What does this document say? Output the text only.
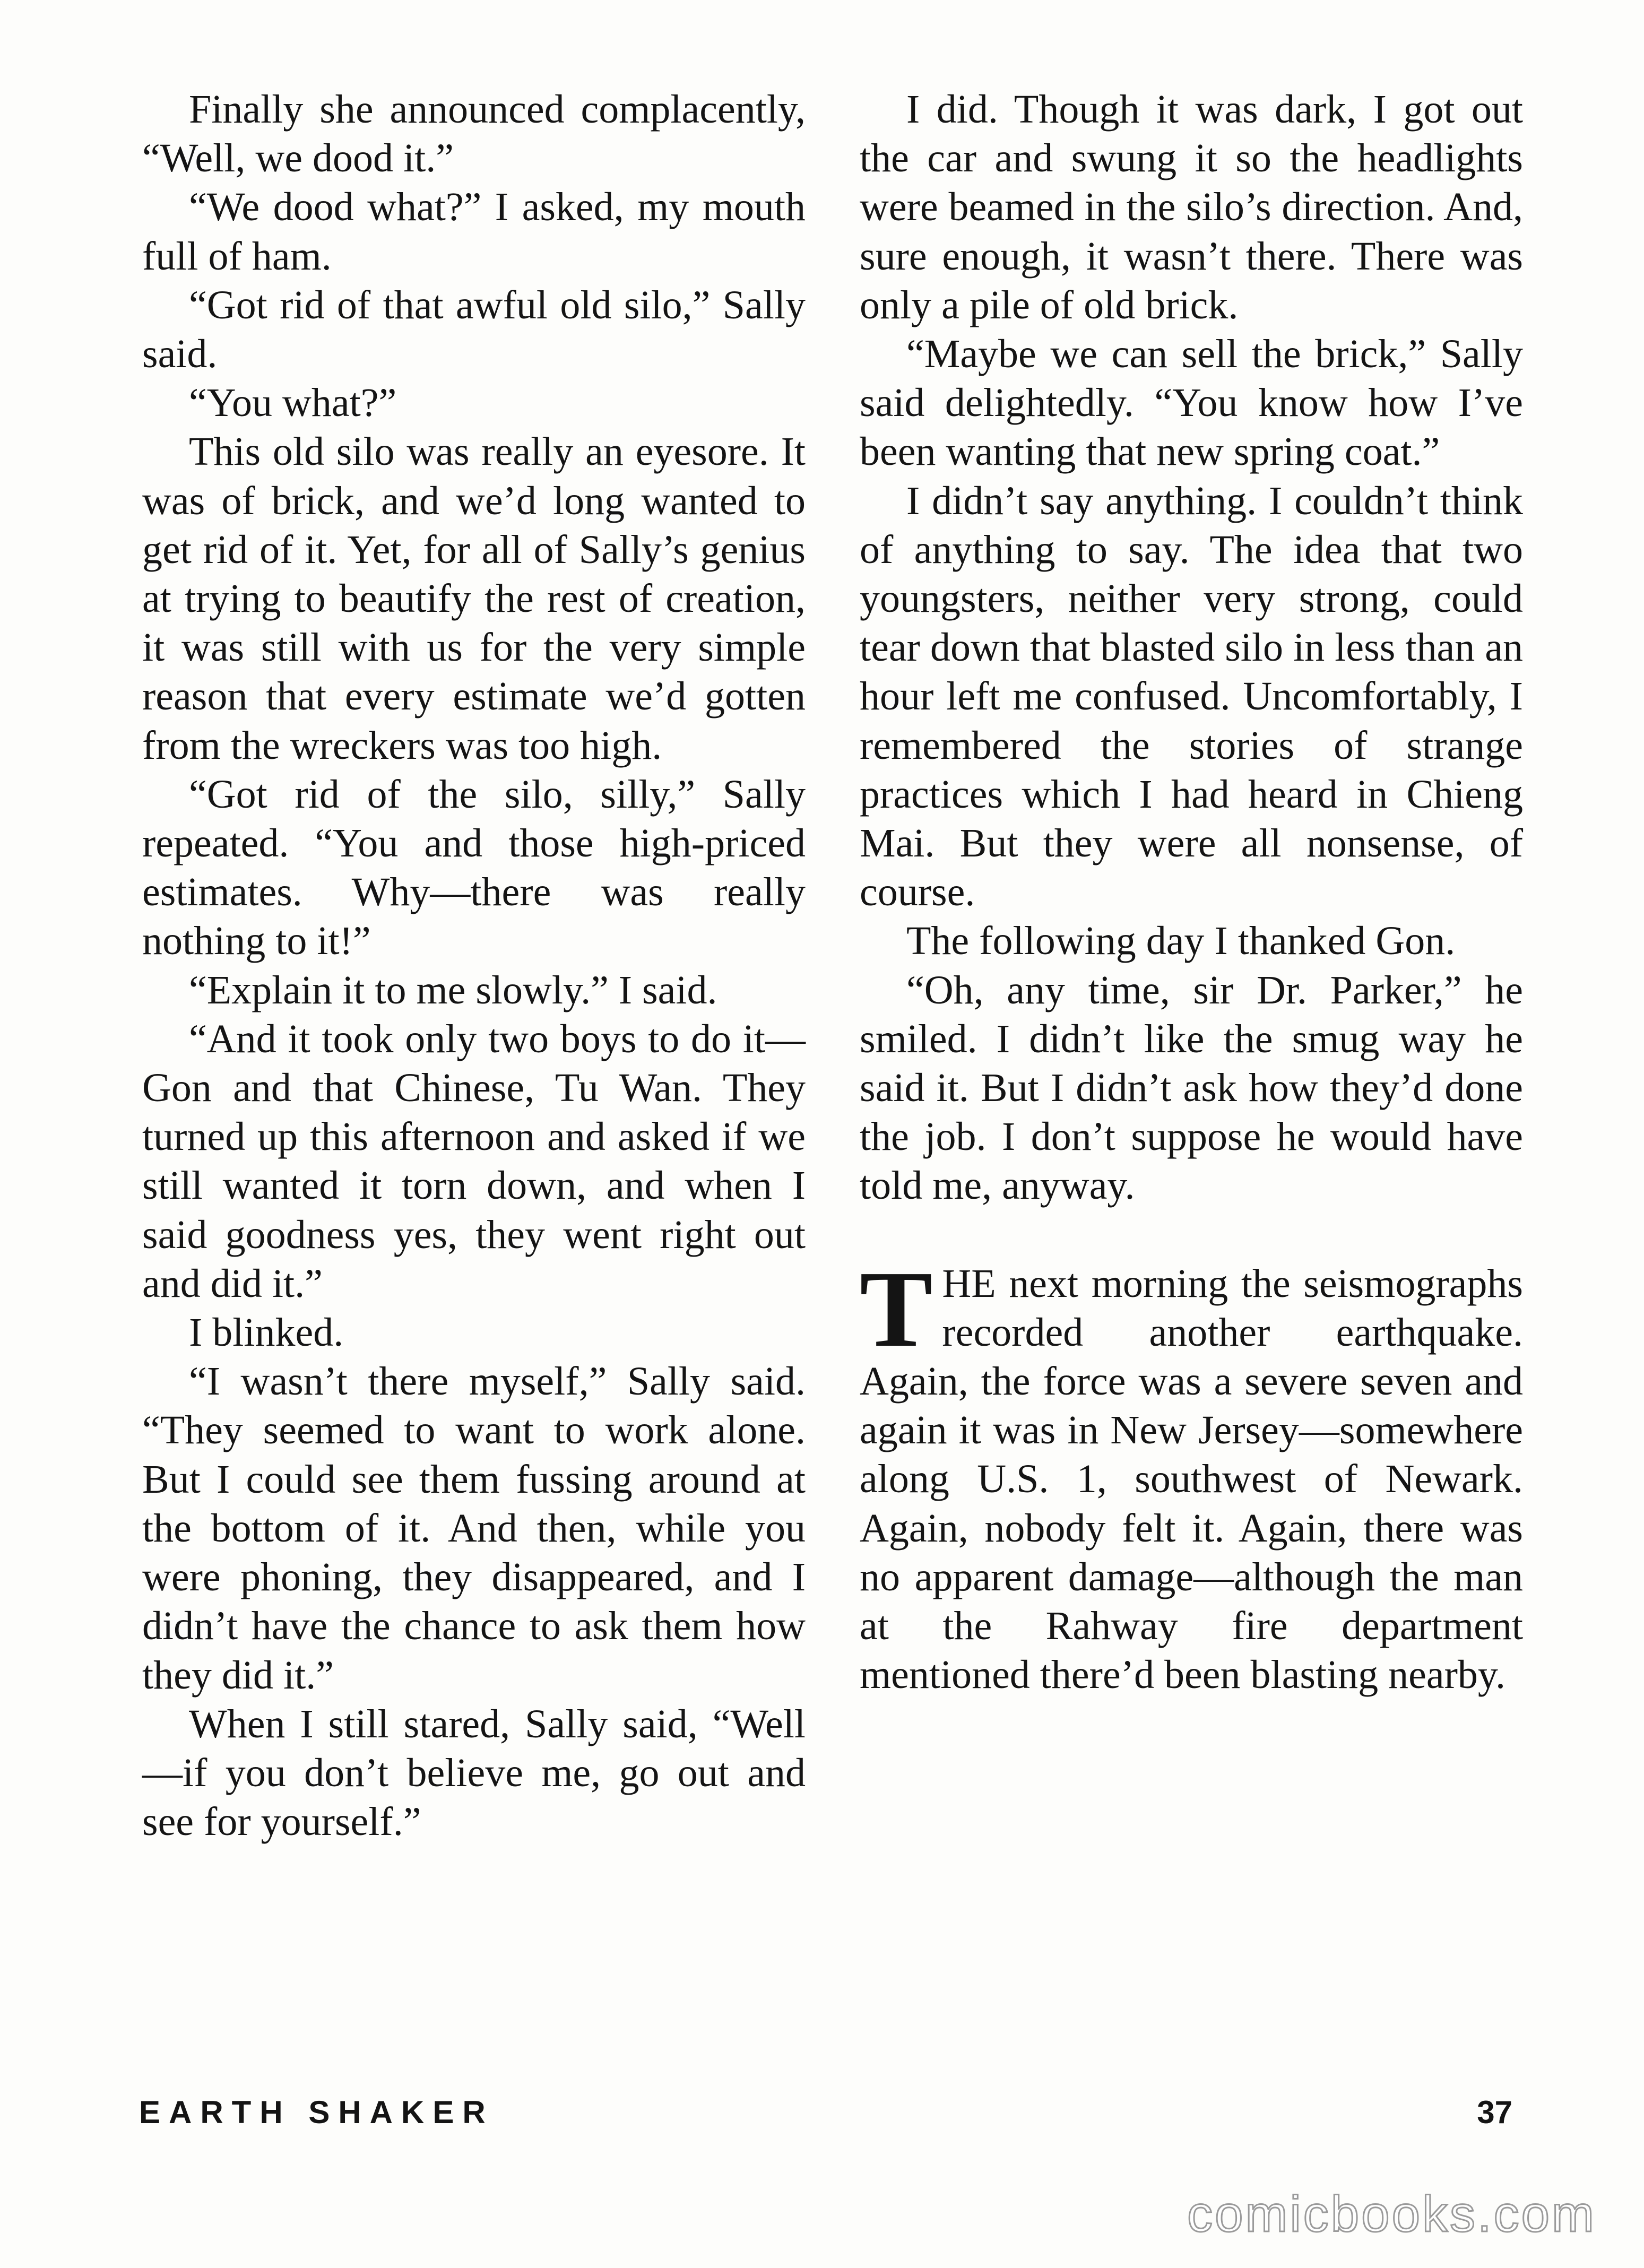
Finally she announced complacently, “Well, we dood it.”

“We dood what?” I asked, my mouth full of ham.

“Got rid of that awful old silo,” Sally said.

“You what?”

This old silo was really an eyesore. It was of brick, and we’d long wanted to get rid of it. Yet, for all of Sally’s genius at trying to beautify the rest of creation, it was still with us for the very simple reason that every estimate we’d gotten from the wreckers was too high.

“Got rid of the silo, silly,” Sally repeated. “You and those high-priced estimates. Why—there was really nothing to it!”

“Explain it to me slowly.” I said.

“And it took only two boys to do it—Gon and that Chinese, Tu Wan. They turned up this afternoon and asked if we still wanted it torn down, and when I said goodness yes, they went right out and did it.”

I blinked.

“I wasn’t there myself,” Sally said. “They seemed to want to work alone. But I could see them fussing around at the bottom of it. And then, while you were phoning, they disappeared, and I didn’t have the chance to ask them how they did it.”

When I still stared, Sally said, “Well—if you don’t believe me, go out and see for yourself.”

I did. Though it was dark, I got out the car and swung it so the headlights were beamed in the silo’s direction. And, sure enough, it wasn’t there. There was only a pile of old brick.

“Maybe we can sell the brick,” Sally said delightedly. “You know how I’ve been wanting that new spring coat.”

I didn’t say anything. I couldn’t think of anything to say. The idea that two youngsters, neither very strong, could tear down that blasted silo in less than an hour left me confused. Uncomfortably, I remembered the stories of strange practices which I had heard in Chieng Mai. But they were all nonsense, of course.

The following day I thanked Gon.

“Oh, any time, sir Dr. Parker,” he smiled. I didn’t like the smug way he said it. But I didn’t ask how they’d done the job. I don’t suppose he would have told me, anyway.

THE next morning the seismographs recorded another earthquake. Again, the force was a severe seven and again it was in New Jersey—somewhere along U.S. 1, southwest of Newark. Again, nobody felt it. Again, there was no apparent damage—although the man at the Rahway fire department mentioned there’d been blasting nearby.

EARTH SHAKER	37
comicbooks.com
